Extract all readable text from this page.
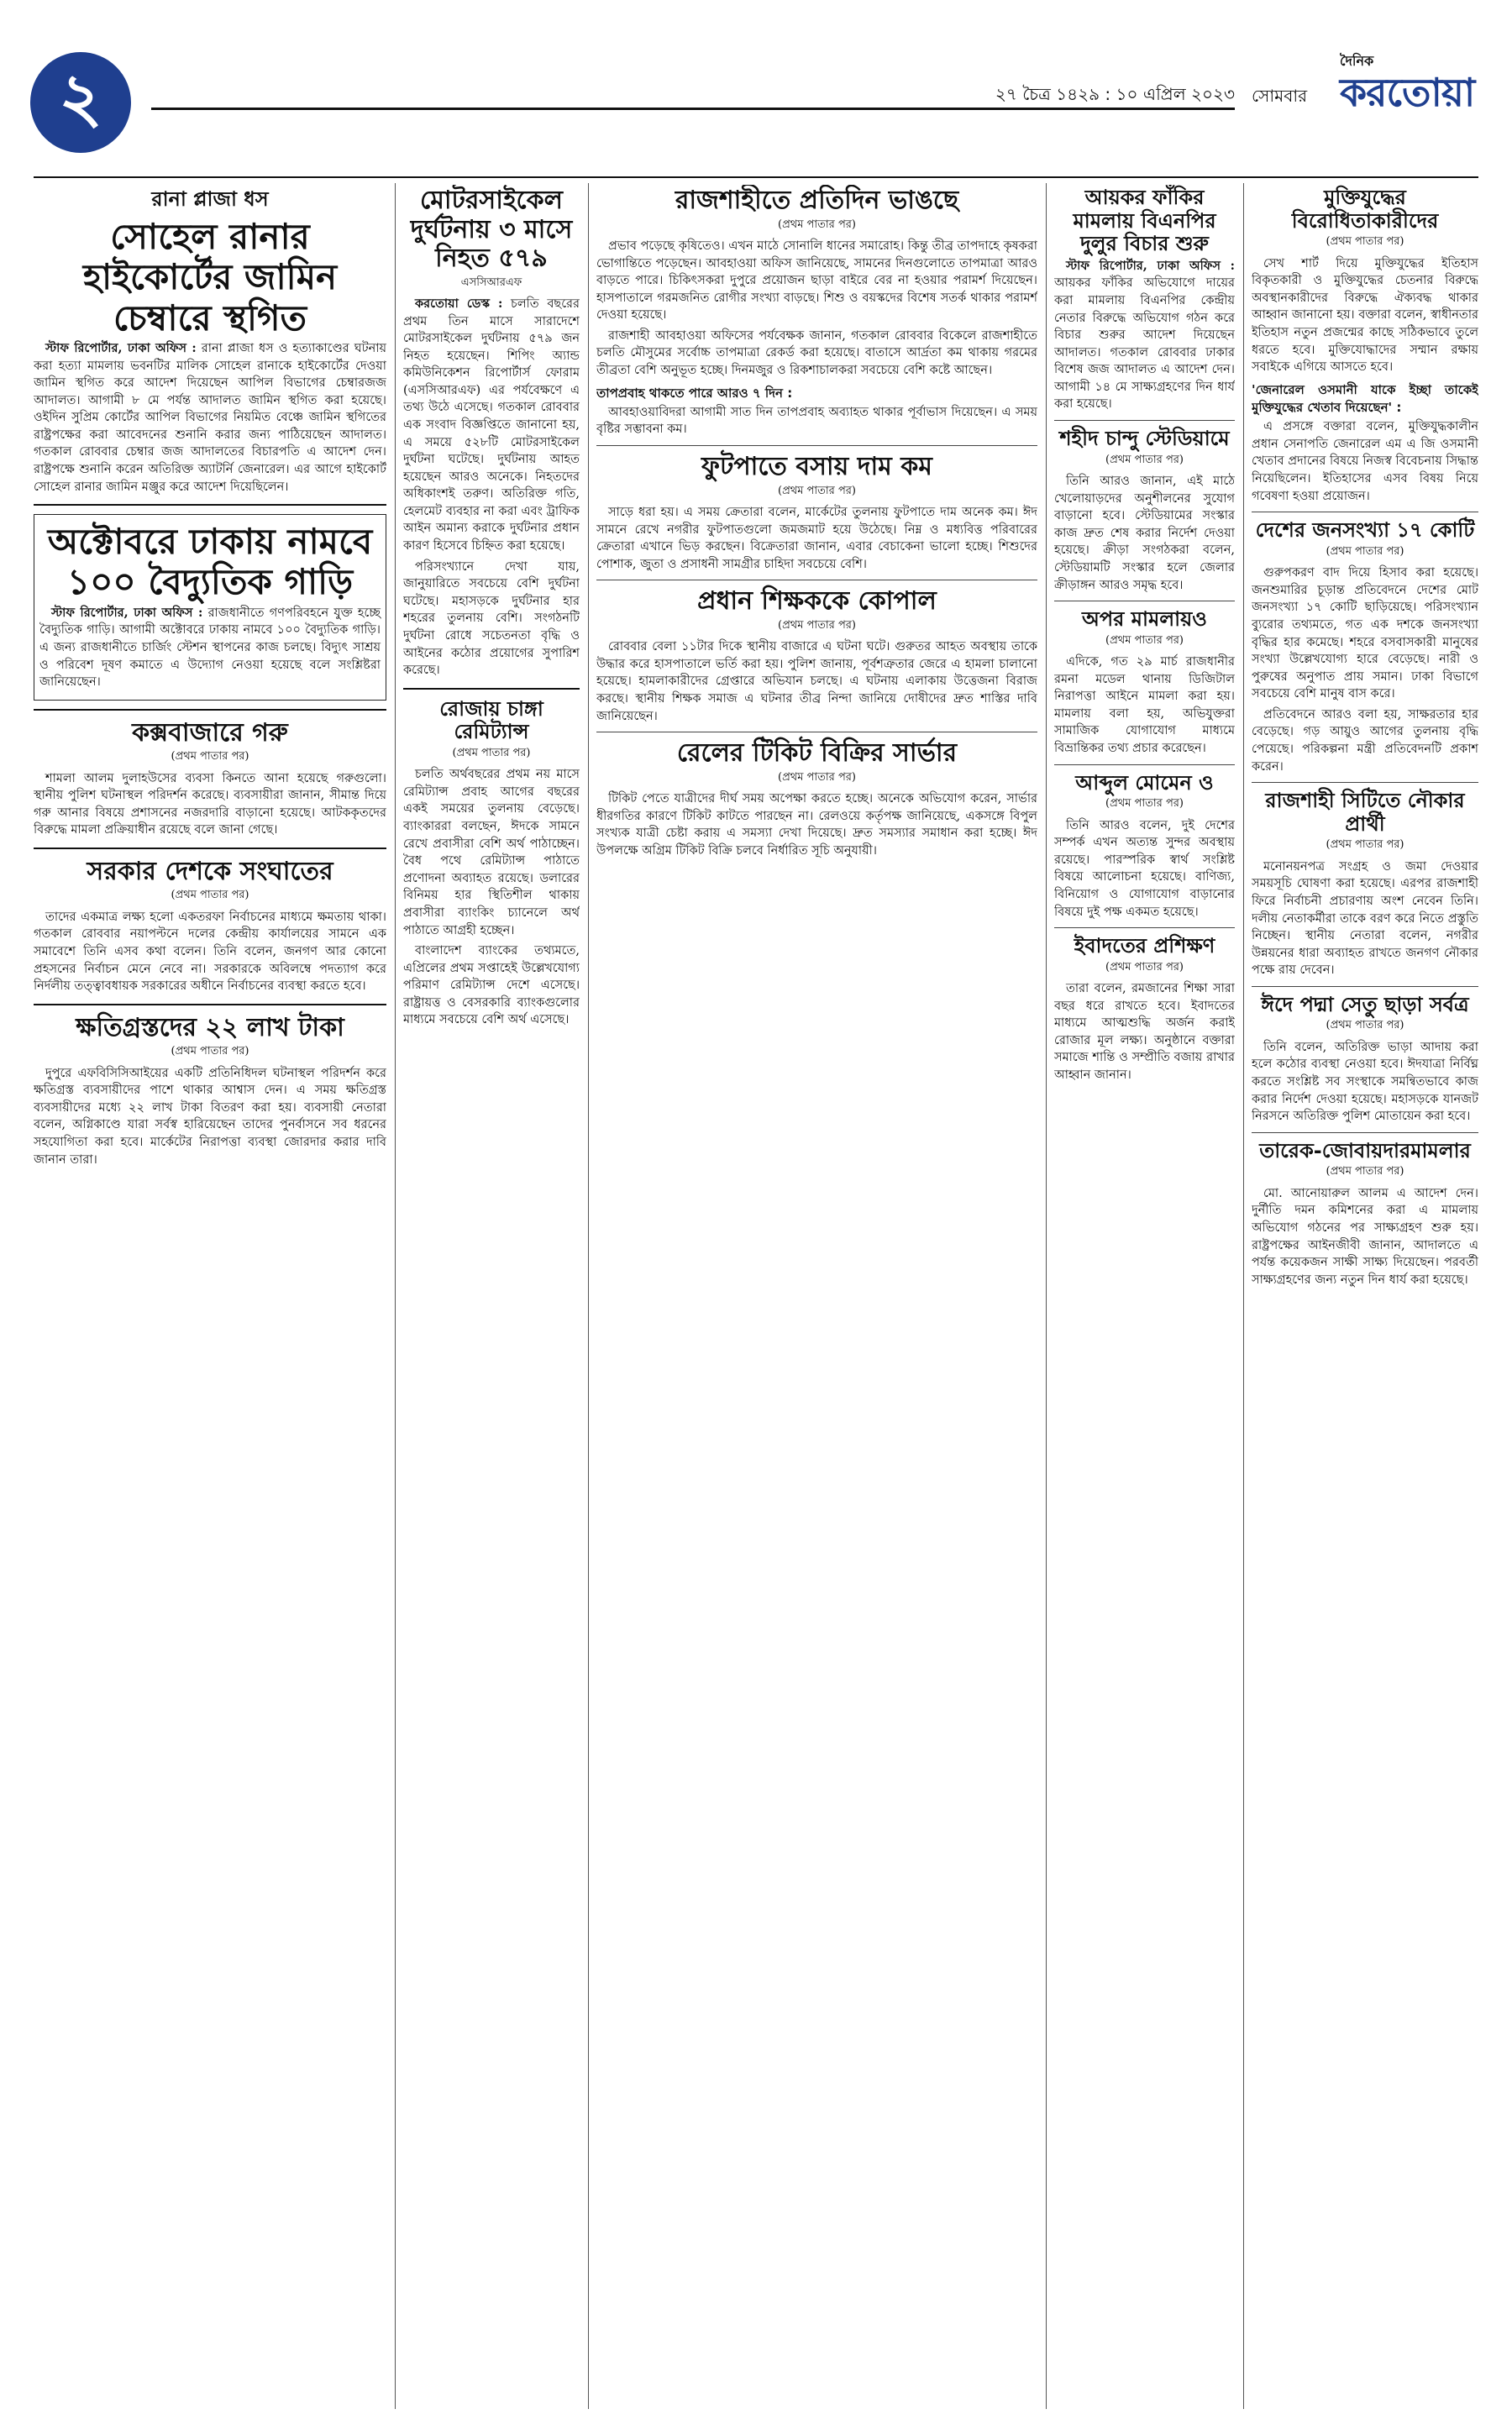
২	২৭ চৈত্র ১৪২৯ : ১০ এপ্রিল ২০২৩ সোমবার
দৈনিক
করতোয়া
রানা প্লাজা ধস
সোহেল রানার হাইকোর্টের জামিন চেম্বারে স্থগিত

স্টাফ রিপোর্টার, ঢাকা অফিস : রানা প্লাজা ধস ও হত্যাকাণ্ডের ঘটনায় করা হত্যা মামলায় ভবনটির মালিক সোহেল রানাকে হাইকোর্টের দেওয়া জামিন স্থগিত করে আদেশ দিয়েছেন আপিল বিভাগের চেম্বারজজ আদালত। আগামী ৮ মে পর্যন্ত আদালত জামিন স্থগিত করা হয়েছে। ওইদিন সুপ্রিম কোর্টের আপিল বিভাগের নিয়মিত বেঞ্চে জামিন স্থগিতের রাষ্ট্রপক্ষের করা আবেদনের শুনানি করার জন্য পাঠিয়েছেন আদালত। গতকাল রোববার চেম্বার জজ আদালতের বিচারপতি এ আদেশ দেন। রাষ্ট্রপক্ষে শুনানি করেন অতিরিক্ত অ্যাটর্নি জেনারেল। এর আগে হাইকোর্ট সোহেল রানার জামিন মঞ্জুর করে আদেশ দিয়েছিলেন।

অক্টোবরে ঢাকায় নামবে ১০০ বৈদ্যুতিক গাড়ি

স্টাফ রিপোর্টার, ঢাকা অফিস : রাজধানীতে গণপরিবহনে যুক্ত হচ্ছে বৈদ্যুতিক গাড়ি। আগামী অক্টোবরে ঢাকায় নামবে ১০০ বৈদ্যুতিক গাড়ি। এ জন্য রাজধানীতে চার্জিং স্টেশন স্থাপনের কাজ চলছে। বিদ্যুৎ সাশ্রয় ও পরিবেশ দূষণ কমাতে এ উদ্যোগ নেওয়া হয়েছে বলে সংশ্লিষ্টরা জানিয়েছেন।

কক্সবাজারে গরু
(প্রথম পাতার পর)

শামলা আলম দুলাহউসের ব্যবসা কিনতে আনা হয়েছে গরুগুলো। স্থানীয় পুলিশ ঘটনাস্থল পরিদর্শন করেছে। ব্যবসায়ীরা জানান, সীমান্ত দিয়ে গরু আনার বিষয়ে প্রশাসনের নজরদারি বাড়ানো হয়েছে। আটককৃতদের বিরুদ্ধে মামলা প্রক্রিয়াধীন রয়েছে বলে জানা গেছে।

সরকার দেশকে সংঘাতের
(প্রথম পাতার পর)

তাদের একমাত্র লক্ষ্য হলো একতরফা নির্বাচনের মাধ্যমে ক্ষমতায় থাকা। গতকাল রোববার নয়াপল্টনে দলের কেন্দ্রীয় কার্যালয়ের সামনে এক সমাবেশে তিনি এসব কথা বলেন। তিনি বলেন, জনগণ আর কোনো প্রহসনের নির্বাচন মেনে নেবে না। সরকারকে অবিলম্বে পদত্যাগ করে নির্দলীয় তত্ত্বাবধায়ক সরকারের অধীনে নির্বাচনের ব্যবস্থা করতে হবে।

ক্ষতিগ্রস্তদের ২২ লাখ টাকা
(প্রথম পাতার পর)

দুপুরে এফবিসিসিআইয়ের একটি প্রতিনিধিদল ঘটনাস্থল পরিদর্শন করে ক্ষতিগ্রস্ত ব্যবসায়ীদের পাশে থাকার আশ্বাস দেন। এ সময় ক্ষতিগ্রস্ত ব্যবসায়ীদের মধ্যে ২২ লাখ টাকা বিতরণ করা হয়। ব্যবসায়ী নেতারা বলেন, অগ্নিকাণ্ডে যারা সর্বস্ব হারিয়েছেন তাদের পুনর্বাসনে সব ধরনের সহযোগিতা করা হবে। মার্কেটের নিরাপত্তা ব্যবস্থা জোরদার করার দাবি জানান তারা।

মোটরসাইকেল দুর্ঘটনায় ৩ মাসে নিহত ৫৭৯
এসসিআরএফ

করতোয়া ডেস্ক : চলতি বছরের প্রথম তিন মাসে সারাদেশে মোটরসাইকেল দুর্ঘটনায় ৫৭৯ জন নিহত হয়েছেন। শিপিং অ্যান্ড কমিউনিকেশন রিপোর্টার্স ফোরাম (এসসিআরএফ) এর পর্যবেক্ষণে এ তথ্য উঠে এসেছে। গতকাল রোববার এক সংবাদ বিজ্ঞপ্তিতে জানানো হয়, এ সময়ে ৫২৮টি মোটরসাইকেল দুর্ঘটনা ঘটেছে। দুর্ঘটনায় আহত হয়েছেন আরও অনেকে। নিহতদের অধিকাংশই তরুণ। অতিরিক্ত গতি, হেলমেট ব্যবহার না করা এবং ট্রাফিক আইন অমান্য করাকে দুর্ঘটনার প্রধান কারণ হিসেবে চিহ্নিত করা হয়েছে।

পরিসংখ্যানে দেখা যায়, জানুয়ারিতে সবচেয়ে বেশি দুর্ঘটনা ঘটেছে। মহাসড়কে দুর্ঘটনার হার শহরের তুলনায় বেশি। সংগঠনটি দুর্ঘটনা রোধে সচেতনতা বৃদ্ধি ও আইনের কঠোর প্রয়োগের সুপারিশ করেছে।

রোজায় চাঙ্গা রেমিট্যান্স
(প্রথম পাতার পর)

চলতি অর্থবছরের প্রথম নয় মাসে রেমিট্যান্স প্রবাহ আগের বছরের একই সময়ের তুলনায় বেড়েছে। ব্যাংকাররা বলছেন, ঈদকে সামনে রেখে প্রবাসীরা বেশি অর্থ পাঠাচ্ছেন। বৈধ পথে রেমিট্যান্স পাঠাতে প্রণোদনা অব্যাহত রয়েছে। ডলারের বিনিময় হার স্থিতিশীল থাকায় প্রবাসীরা ব্যাংকিং চ্যানেলে অর্থ পাঠাতে আগ্রহী হচ্ছেন।

বাংলাদেশ ব্যাংকের তথ্যমতে, এপ্রিলের প্রথম সপ্তাহেই উল্লেখযোগ্য পরিমাণ রেমিট্যান্স দেশে এসেছে। রাষ্ট্রায়ত্ত ও বেসরকারি ব্যাংকগুলোর মাধ্যমে সবচেয়ে বেশি অর্থ এসেছে।

রাজশাহীতে প্রতিদিন ভাঙছে
(প্রথম পাতার পর)

প্রভাব পড়েছে কৃষিতেও। এখন মাঠে সোনালি ধানের সমারোহ। কিন্তু তীব্র তাপদাহে কৃষকরা ভোগান্তিতে পড়েছেন। আবহাওয়া অফিস জানিয়েছে, সামনের দিনগুলোতে তাপমাত্রা আরও বাড়তে পারে। চিকিৎসকরা দুপুরে প্রয়োজন ছাড়া বাইরে বের না হওয়ার পরামর্শ দিয়েছেন। হাসপাতালে গরমজনিত রোগীর সংখ্যা বাড়ছে। শিশু ও বয়স্কদের বিশেষ সতর্ক থাকার পরামর্শ দেওয়া হয়েছে।

রাজশাহী আবহাওয়া অফিসের পর্যবেক্ষক জানান, গতকাল রোববার বিকেলে রাজশাহীতে চলতি মৌসুমের সর্বোচ্চ তাপমাত্রা রেকর্ড করা হয়েছে। বাতাসে আর্দ্রতা কম থাকায় গরমের তীব্রতা বেশি অনুভূত হচ্ছে। দিনমজুর ও রিকশাচালকরা সবচেয়ে বেশি কষ্টে আছেন।

তাপপ্রবাহ থাকতে পারে আরও ৭ দিন :

আবহাওয়াবিদরা আগামী সাত দিন তাপপ্রবাহ অব্যাহত থাকার পূর্বাভাস দিয়েছেন। এ সময় বৃষ্টির সম্ভাবনা কম।

ফুটপাতে বসায় দাম কম
(প্রথম পাতার পর)

সাড়ে ধরা হয়। এ সময় ক্রেতারা বলেন, মার্কেটের তুলনায় ফুটপাতে দাম অনেক কম। ঈদ সামনে রেখে নগরীর ফুটপাতগুলো জমজমাট হয়ে উঠেছে। নিম্ন ও মধ্যবিত্ত পরিবারের ক্রেতারা এখানে ভিড় করছেন। বিক্রেতারা জানান, এবার বেচাকেনা ভালো হচ্ছে। শিশুদের পোশাক, জুতা ও প্রসাধনী সামগ্রীর চাহিদা সবচেয়ে বেশি।

প্রধান শিক্ষককে কোপাল
(প্রথম পাতার পর)

রোববার বেলা ১১টার দিকে স্থানীয় বাজারে এ ঘটনা ঘটে। গুরুতর আহত অবস্থায় তাকে উদ্ধার করে হাসপাতালে ভর্তি করা হয়। পুলিশ জানায়, পূর্বশত্রুতার জেরে এ হামলা চালানো হয়েছে। হামলাকারীদের গ্রেপ্তারে অভিযান চলছে। এ ঘটনায় এলাকায় উত্তেজনা বিরাজ করছে। স্থানীয় শিক্ষক সমাজ এ ঘটনার তীব্র নিন্দা জানিয়ে দোষীদের দ্রুত শাস্তির দাবি জানিয়েছেন।

রেলের টিকিট বিক্রির সার্ভার
(প্রথম পাতার পর)

টিকিট পেতে যাত্রীদের দীর্ঘ সময় অপেক্ষা করতে হচ্ছে। অনেকে অভিযোগ করেন, সার্ভার ধীরগতির কারণে টিকিট কাটতে পারছেন না। রেলওয়ে কর্তৃপক্ষ জানিয়েছে, একসঙ্গে বিপুল সংখ্যক যাত্রী চেষ্টা করায় এ সমস্যা দেখা দিয়েছে। দ্রুত সমস্যার সমাধান করা হচ্ছে। ঈদ উপলক্ষে অগ্রিম টিকিট বিক্রি চলবে নির্ধারিত সূচি অনুযায়ী।

আয়কর ফাঁকির মামলায় বিএনপির দুলুর বিচার শুরু

স্টাফ রিপোর্টার, ঢাকা অফিস : আয়কর ফাঁকির অভিযোগে দায়ের করা মামলায় বিএনপির কেন্দ্রীয় নেতার বিরুদ্ধে অভিযোগ গঠন করে বিচার শুরুর আদেশ দিয়েছেন আদালত। গতকাল রোববার ঢাকার বিশেষ জজ আদালত এ আদেশ দেন। আগামী ১৪ মে সাক্ষ্যগ্রহণের দিন ধার্য করা হয়েছে।

শহীদ চান্দু স্টেডিয়ামে
(প্রথম পাতার পর)

তিনি আরও জানান, এই মাঠে খেলোয়াড়দের অনুশীলনের সুযোগ বাড়ানো হবে। স্টেডিয়ামের সংস্কার কাজ দ্রুত শেষ করার নির্দেশ দেওয়া হয়েছে। ক্রীড়া সংগঠকরা বলেন, স্টেডিয়ামটি সংস্কার হলে জেলার ক্রীড়াঙ্গন আরও সমৃদ্ধ হবে।

অপর মামলায়ও
(প্রথম পাতার পর)

এদিকে, গত ২৯ মার্চ রাজধানীর রমনা মডেল থানায় ডিজিটাল নিরাপত্তা আইনে মামলা করা হয়। মামলায় বলা হয়, অভিযুক্তরা সামাজিক যোগাযোগ মাধ্যমে বিভ্রান্তিকর তথ্য প্রচার করেছেন।

আব্দুল মোমেন ও
(প্রথম পাতার পর)

তিনি আরও বলেন, দুই দেশের সম্পর্ক এখন অত্যন্ত সুন্দর অবস্থায় রয়েছে। পারস্পরিক স্বার্থ সংশ্লিষ্ট বিষয়ে আলোচনা হয়েছে। বাণিজ্য, বিনিয়োগ ও যোগাযোগ বাড়ানোর বিষয়ে দুই পক্ষ একমত হয়েছে।

ইবাদতের প্রশিক্ষণ
(প্রথম পাতার পর)

তারা বলেন, রমজানের শিক্ষা সারা বছর ধরে রাখতে হবে। ইবাদতের মাধ্যমে আত্মশুদ্ধি অর্জন করাই রোজার মূল লক্ষ্য। অনুষ্ঠানে বক্তারা সমাজে শান্তি ও সম্প্রীতি বজায় রাখার আহ্বান জানান।

মুক্তিযুদ্ধের বিরোধিতাকারীদের
(প্রথম পাতার পর)

সেখ শার্ট দিয়ে মুক্তিযুদ্ধের ইতিহাস বিকৃতকারী ও মুক্তিযুদ্ধের চেতনার বিরুদ্ধে অবস্থানকারীদের বিরুদ্ধে ঐক্যবদ্ধ থাকার আহ্বান জানানো হয়। বক্তারা বলেন, স্বাধীনতার ইতিহাস নতুন প্রজন্মের কাছে সঠিকভাবে তুলে ধরতে হবে। মুক্তিযোদ্ধাদের সম্মান রক্ষায় সবাইকে এগিয়ে আসতে হবে।

'জেনারেল ওসমানী যাকে ইচ্ছা তাকেই মুক্তিযুদ্ধের খেতাব দিয়েছেন' :

এ প্রসঙ্গে বক্তারা বলেন, মুক্তিযুদ্ধকালীন প্রধান সেনাপতি জেনারেল এম এ জি ওসমানী খেতাব প্রদানের বিষয়ে নিজস্ব বিবেচনায় সিদ্ধান্ত নিয়েছিলেন। ইতিহাসের এসব বিষয় নিয়ে গবেষণা হওয়া প্রয়োজন।

দেশের জনসংখ্যা ১৭ কোটি
(প্রথম পাতার পর)

গুরুপকরণ বাদ দিয়ে হিসাব করা হয়েছে। জনশুমারির চূড়ান্ত প্রতিবেদনে দেশের মোট জনসংখ্যা ১৭ কোটি ছাড়িয়েছে। পরিসংখ্যান ব্যুরোর তথ্যমতে, গত এক দশকে জনসংখ্যা বৃদ্ধির হার কমেছে। শহরে বসবাসকারী মানুষের সংখ্যা উল্লেখযোগ্য হারে বেড়েছে। নারী ও পুরুষের অনুপাত প্রায় সমান। ঢাকা বিভাগে সবচেয়ে বেশি মানুষ বাস করে।

প্রতিবেদনে আরও বলা হয়, সাক্ষরতার হার বেড়েছে। গড় আয়ুও আগের তুলনায় বৃদ্ধি পেয়েছে। পরিকল্পনা মন্ত্রী প্রতিবেদনটি প্রকাশ করেন।

রাজশাহী সিটিতে নৌকার প্রার্থী
(প্রথম পাতার পর)

মনোনয়নপত্র সংগ্রহ ও জমা দেওয়ার সময়সূচি ঘোষণা করা হয়েছে। এরপর রাজশাহী ফিরে নির্বাচনী প্রচারণায় অংশ নেবেন তিনি। দলীয় নেতাকর্মীরা তাকে বরণ করে নিতে প্রস্তুতি নিচ্ছেন। স্থানীয় নেতারা বলেন, নগরীর উন্নয়নের ধারা অব্যাহত রাখতে জনগণ নৌকার পক্ষে রায় দেবেন।

ঈদে পদ্মা সেতু ছাড়া সর্বত্র
(প্রথম পাতার পর)

তিনি বলেন, অতিরিক্ত ভাড়া আদায় করা হলে কঠোর ব্যবস্থা নেওয়া হবে। ঈদযাত্রা নির্বিঘ্ন করতে সংশ্লিষ্ট সব সংস্থাকে সমন্বিতভাবে কাজ করার নির্দেশ দেওয়া হয়েছে। মহাসড়কে যানজট নিরসনে অতিরিক্ত পুলিশ মোতায়েন করা হবে।

তারেক-জোবায়দারমামলার
(প্রথম পাতার পর)

মো. আনোয়ারুল আলম এ আদেশ দেন। দুর্নীতি দমন কমিশনের করা এ মামলায় অভিযোগ গঠনের পর সাক্ষ্যগ্রহণ শুরু হয়। রাষ্ট্রপক্ষের আইনজীবী জানান, আদালতে এ পর্যন্ত কয়েকজন সাক্ষী সাক্ষ্য দিয়েছেন। পরবর্তী সাক্ষ্যগ্রহণের জন্য নতুন দিন ধার্য করা হয়েছে।
